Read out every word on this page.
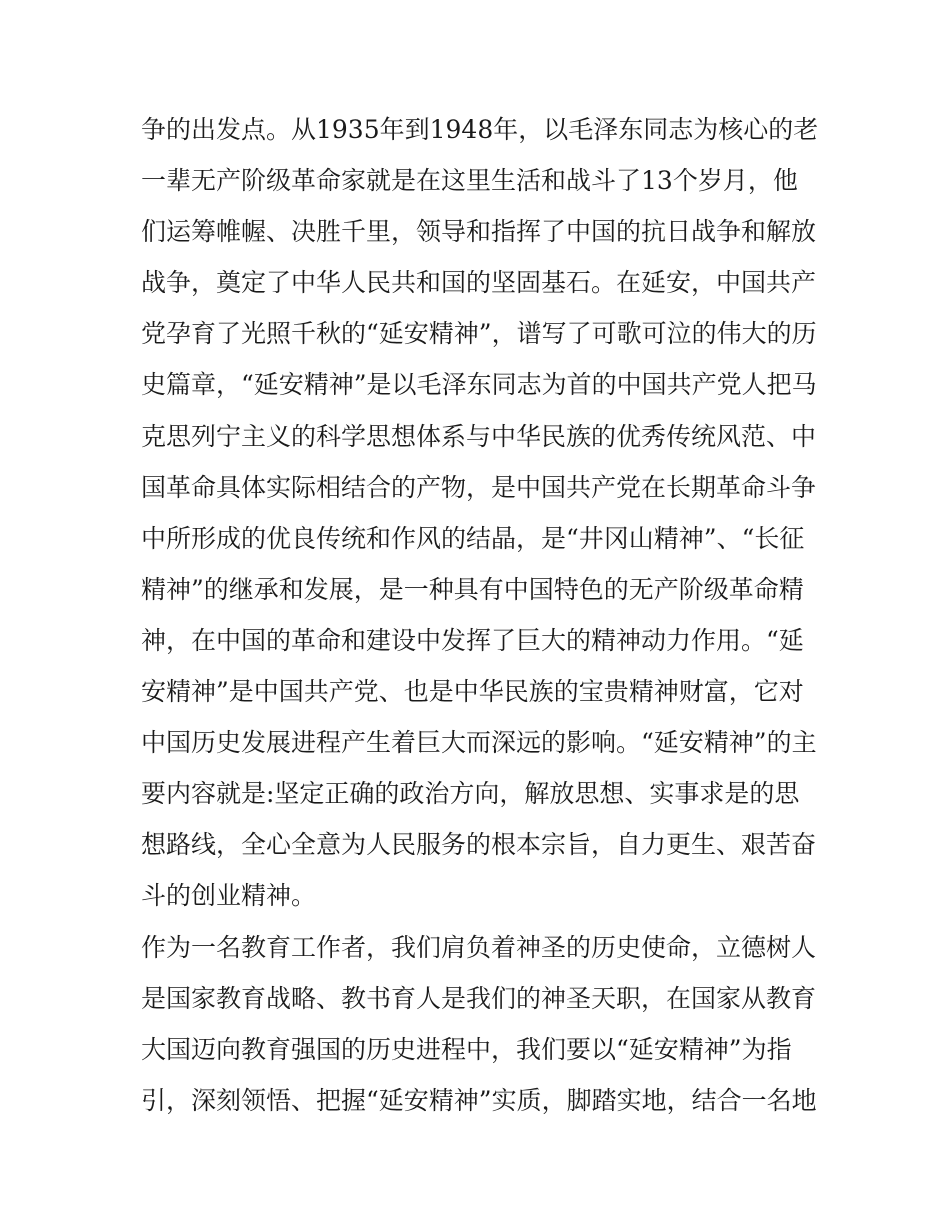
争的出发点。从1935年到1948年，以毛泽东同志为核心的老
一辈无产阶级革命家就是在这里生活和战斗了13个岁月，他
们运筹帷幄、决胜千里，领导和指挥了中国的抗日战争和解放
战争，奠定了中华人民共和国的坚固基石。在延安，中国共产
党孕育了光照千秋的“延安精神”，谱写了可歌可泣的伟大的历
史篇章，“延安精神”是以毛泽东同志为首的中国共产党人把马
克思列宁主义的科学思想体系与中华民族的优秀传统风范、中
国革命具体实际相结合的产物，是中国共产党在长期革命斗争
中所形成的优良传统和作风的结晶，是“井冈山精神”、“长征
精神”的继承和发展，是一种具有中国特色的无产阶级革命精
神，在中国的革命和建设中发挥了巨大的精神动力作用。“延
安精神”是中国共产党、也是中华民族的宝贵精神财富，它对
中国历史发展进程产生着巨大而深远的影响。“延安精神”的主
要内容就是:坚定正确的政治方向，解放思想、实事求是的思
想路线，全心全意为人民服务的根本宗旨，自力更生、艰苦奋
斗的创业精神。
作为一名教育工作者，我们肩负着神圣的历史使命，立德树人
是国家教育战略、教书育人是我们的神圣天职，在国家从教育
大国迈向教育强国的历史进程中，我们要以“延安精神”为指
引，深刻领悟、把握“延安精神”实质，脚踏实地，结合一名地
